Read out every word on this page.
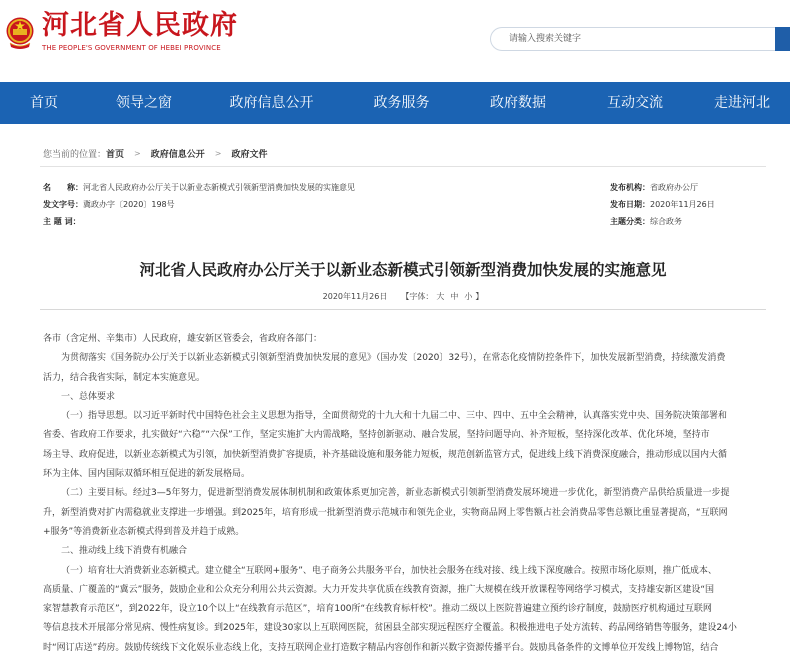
河北省人民政府
THE PEOPLE'S GOVERNMENT OF HEBEI PROVINCE
请输入搜索关键字
首页	领导之窗	政府信息公开	政务服务	政府数据	互动交流	走进河北
您当前的位置： 首页 > 政府信息公开 > 政府文件
名　　称：河北省人民政府办公厅关于以新业态新模式引领新型消费加快发展的实施意见
发文字号：冀政办字〔2020〕198号
主 题 词：
发布机构：省政府办公厅
发布日期：2020年11月26日
主题分类：综合政务
河北省人民政府办公厅关于以新业态新模式引领新型消费加快发展的实施意见
2020年11月26日 【字体： 大 中 小 】
各市（含定州、辛集市）人民政府，雄安新区管委会，省政府各部门：
为贯彻落实《国务院办公厅关于以新业态新模式引领新型消费加快发展的意见》（国办发〔2020〕32号），在常态化疫情防控条件下，加快发展新型消费，持续激发消费
活力，结合我省实际，制定本实施意见。
一、总体要求
（一）指导思想。以习近平新时代中国特色社会主义思想为指导，全面贯彻党的十九大和十九届二中、三中、四中、五中全会精神，认真落实党中央、国务院决策部署和
省委、省政府工作要求，扎实做好“六稳”“六保”工作，坚定实施扩大内需战略，坚持创新驱动、融合发展，坚持问题导向、补齐短板，坚持深化改革、优化环境，坚持市
场主导、政府促进，以新业态新模式为引领，加快新型消费扩容提质，补齐基础设施和服务能力短板，规范创新监管方式，促进线上线下消费深度融合，推动形成以国内大循
环为主体、国内国际双循环相互促进的新发展格局。
（二）主要目标。经过3—5年努力，促进新型消费发展体制机制和政策体系更加完善，新业态新模式引领新型消费发展环境进一步优化，新型消费产品供给质量进一步提
升，新型消费对扩内需稳就业支撑进一步增强。到2025年，培育形成一批新型消费示范城市和领先企业，实物商品网上零售额占社会消费品零售总额比重显著提高，“互联网
+服务”等消费新业态新模式得到普及并趋于成熟。
二、推动线上线下消费有机融合
（一）培育壮大消费新业态新模式。建立健全“互联网+服务”、电子商务公共服务平台，加快社会服务在线对接、线上线下深度融合。按照市场化原则，推广低成本、
高质量、广覆盖的“冀云”服务，鼓励企业和公众充分利用公共云资源。大力开发共享优质在线教育资源，推广大规模在线开放课程等网络学习模式，支持雄安新区建设“国
家智慧教育示范区”，到2022年，设立10个以上“在线教育示范区”，培育100所“在线教育标杆校”。推动二级以上医院普遍建立预约诊疗制度，鼓励医疗机构通过互联网
等信息技术开展部分常见病、慢性病复诊。到2025年，建设30家以上互联网医院，贫困县全部实现远程医疗全覆盖。积极推进电子处方流转、药品网络销售等服务，建设24小
时“网订店送”药房。鼓励传统线下文化娱乐业态线上化，支持互联网企业打造数字精品内容创作和新兴数字资源传播平台。鼓励具备条件的文博单位开发线上博物馆，结合
